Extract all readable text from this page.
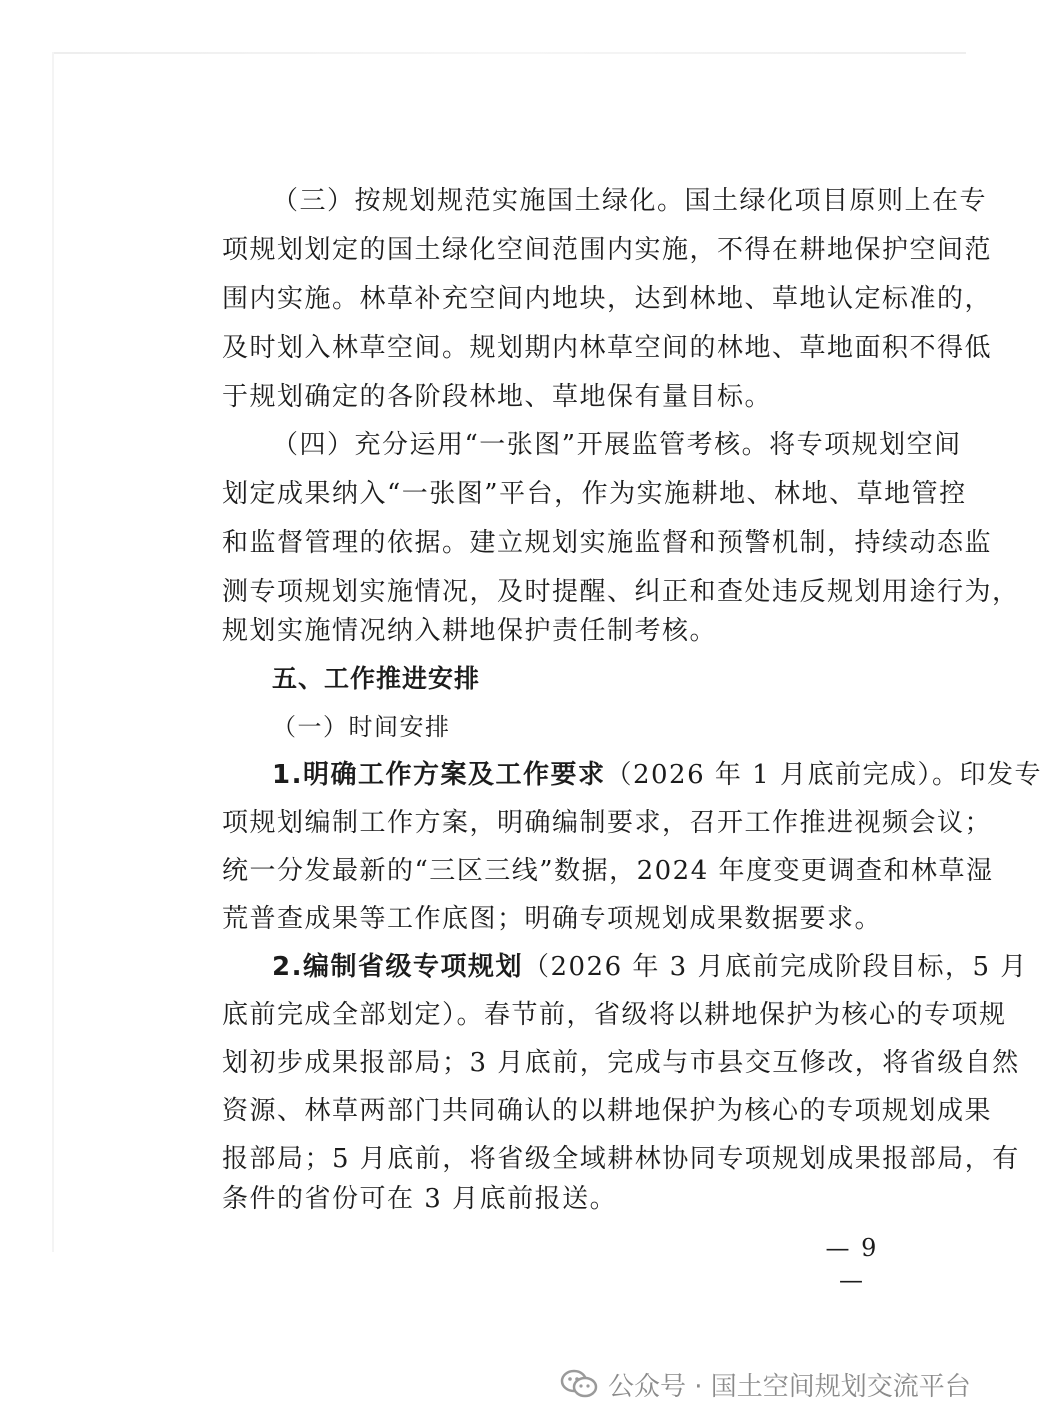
（三）按规划规范实施国土绿化。国土绿化项目原则上在专
项规划划定的国土绿化空间范围内实施，不得在耕地保护空间范
围内实施。林草补充空间内地块，达到林地、草地认定标准的，
及时划入林草空间。规划期内林草空间的林地、草地面积不得低
于规划确定的各阶段林地、草地保有量目标。
（四）充分运用“一张图”开展监管考核。将专项规划空间
划定成果纳入“一张图”平台，作为实施耕地、林地、草地管控
和监督管理的依据。建立规划实施监督和预警机制，持续动态监
测专项规划实施情况，及时提醒、纠正和查处违反规划用途行为，
规划实施情况纳入耕地保护责任制考核。
五、工作推进安排
（一）时间安排
1.明确工作方案及工作要求（2026 年 1 月底前完成）。印发专
项规划编制工作方案，明确编制要求，召开工作推进视频会议；
统一分发最新的“三区三线”数据，2024 年度变更调查和林草湿
荒普查成果等工作底图；明确专项规划成果数据要求。
2.编制省级专项规划（2026 年 3 月底前完成阶段目标，5 月
底前完成全部划定）。春节前，省级将以耕地保护为核心的专项规
划初步成果报部局；3 月底前，完成与市县交互修改，将省级自然
资源、林草两部门共同确认的以耕地保护为核心的专项规划成果
报部局；5 月底前，将省级全域耕林协同专项规划成果报部局，有
条件的省份可在 3 月底前报送。
— 9 —
公众号 · 国土空间规划交流平台
